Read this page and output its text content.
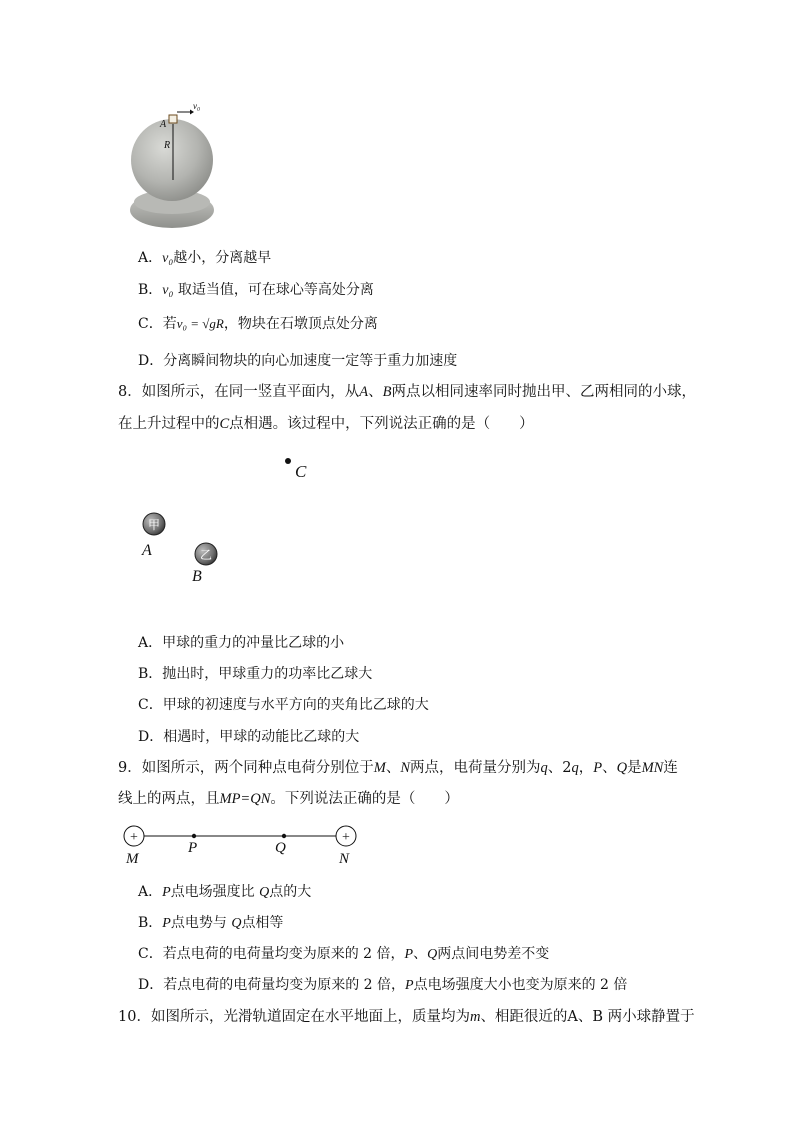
v₀
A
R
A．v₀越小，分离越早
B．v₀ 取适当值，可在球心等高处分离
C．若v₀ = √gR，物块在石墩顶点处分离
D．分离瞬间物块的向心加速度一定等于重力加速度
8．如图所示，在同一竖直平面内，从A、B两点以相同速率同时抛出甲、乙两相同的小球，
在上升过程中的C点相遇。该过程中，下列说法正确的是（　　）
C
甲
A	乙
B
A．甲球的重力的冲量比乙球的小
B．抛出时，甲球重力的功率比乙球大
C．甲球的初速度与水平方向的夹角比乙球的大
D．相遇时，甲球的动能比乙球的大
9．如图所示，两个同种点电荷分别位于M、N两点，电荷量分别为q、2q，P、Q是MN连
线上的两点，且MP=QN。下列说法正确的是（　　）
+	+
M
P	Q
N
A．P点电场强度比 Q点的大
B．P点电势与 Q点相等
C．若点电荷的电荷量均变为原来的 2 倍，P、Q两点间电势差不变
D．若点电荷的电荷量均变为原来的 2 倍，P点电场强度大小也变为原来的 2 倍
10．如图所示，光滑轨道固定在水平地面上，质量均为m、相距很近的A、B 两小球静置于
